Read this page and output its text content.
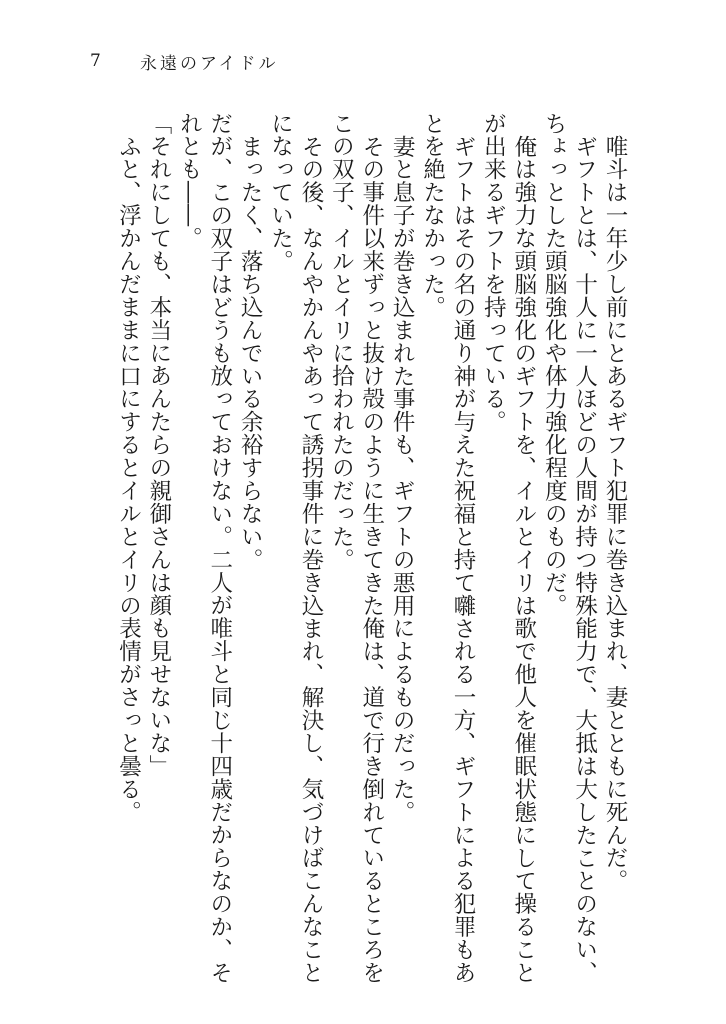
7	永遠のアイドル

唯斗は一年少し前にとあるギフト犯罪に巻き込まれ、妻とともに死んだ。

ギフトとは、十人に一人ほどの人間が持つ特殊能力で、大抵は大したことのない、ちょっとした頭脳強化や体力強化程度のものだ。

俺は強力な頭脳強化のギフトを、イルとイリは歌で他人を催眠状態にして操ることが出来るギフトを持っている。

ギフトはその名の通り神が与えた祝福と持て囃される一方、ギフトによる犯罪もあとを絶たなかった。

妻と息子が巻き込まれた事件も、ギフトの悪用によるものだった。

その事件以来ずっと抜け殻のように生きてきた俺は、道で行き倒れているところをこの双子、イルとイリに拾われたのだった。

その後、なんやかんやあって誘拐事件に巻き込まれ、解決し、気づけばこんなことになっていた。

まったく、落ち込んでいる余裕すらない。

だが、この双子はどうも放っておけない。二人が唯斗と同じ十四歳だからなのか、それとも――。

「それにしても、本当にあんたらの親御さんは顔も見せないな」

ふと、浮かんだままに口にするとイルとイリの表情がさっと曇る。
